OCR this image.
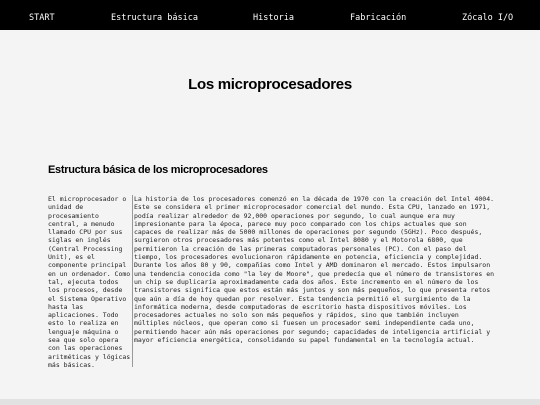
START	Estructura básica	Historia	Fabricación	Zócalo I/O
Los microprocesadores
Estructura básica de los microprocesadores

El microprocesador o unidad de procesamiento central, a menudo llamado CPU por sus siglas en inglés (Central Processing Unit), es el componente principal en un ordenador. Como tal, ejecuta todos los procesos, desde el Sistema Operativo hasta las aplicaciones. Todo esto lo realiza en lenguaje máquina o sea que solo opera con las operaciones aritméticas y lógicas más básicas.

La historia de los procesadores comenzó en la década de 1970 con la creación del Intel 4004. Este se considera el primer microprocesador comercial del mundo. Esta CPU, lanzado en 1971, podía realizar alrededor de 92,000 operaciones por segundo, lo cual aunque era muy impresionante para la época, parece muy poco comparado con los chips actuales que son capaces de realizar más de 5000 millones de operaciones por segundo (5GHz). Poco después, surgieron otros procesadores más potentes como el Intel 8080 y el Motorola 6800, que permitieron la creación de las primeras computadoras personales (PC). Con el paso del tiempo, los procesadores evolucionaron rápidamente en potencia, eficiencia y complejidad. Durante los años 80 y 90, compañías como Intel y AMD dominaron el mercado. Estos impulsaron una tendencia conocida como "la ley de Moore", que predecía que el número de transistores en un chip se duplicaría aproximadamente cada dos años. Este incremento en el número de los transistores significa que estos están más juntos y son más pequeños, lo que presenta retos que aún a día de hoy quedan por resolver. Esta tendencia permitió el surgimiento de la informática moderna, desde computadoras de escritorio hasta dispositivos móviles. Los procesadores actuales no solo son más pequeños y rápidos, sino que también incluyen múltiples núcleos, que operan como si fuesen un procesador semi independiente cada uno, permitiendo hacer aún más operaciones por segundo; capacidades de inteligencia artificial y mayor eficiencia energética, consolidando su papel fundamental en la tecnología actual.
